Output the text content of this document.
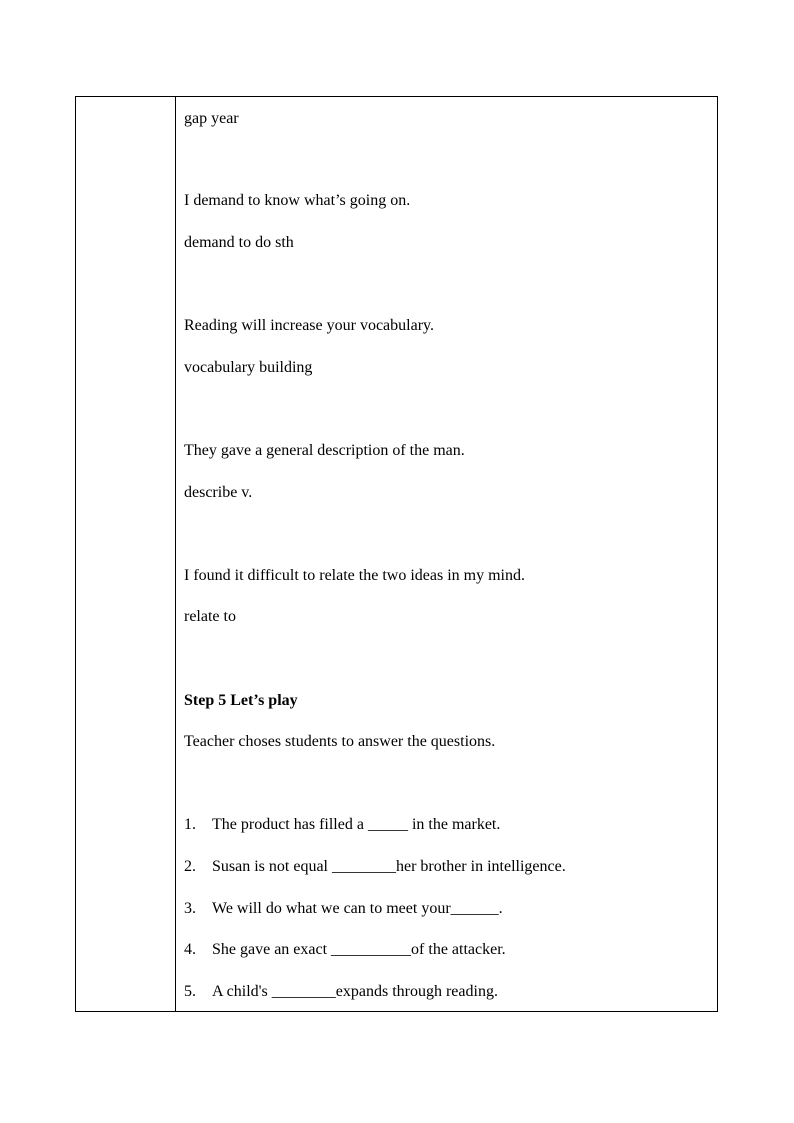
gap year
I demand to know what’s going on.
demand to do sth
Reading will increase your vocabulary.
vocabulary building
They gave a general description of the man.
describe v.
I found it difficult to relate the two ideas in my mind.
relate to
Step 5 Let’s play
Teacher choses students to answer the questions.
1. The product has filled a _____ in the market.
2. Susan is not equal ________her brother in intelligence.
3. We will do what we can to meet your______.
4. She gave an exact __________of the attacker.
5. A child's ________expands through reading.
